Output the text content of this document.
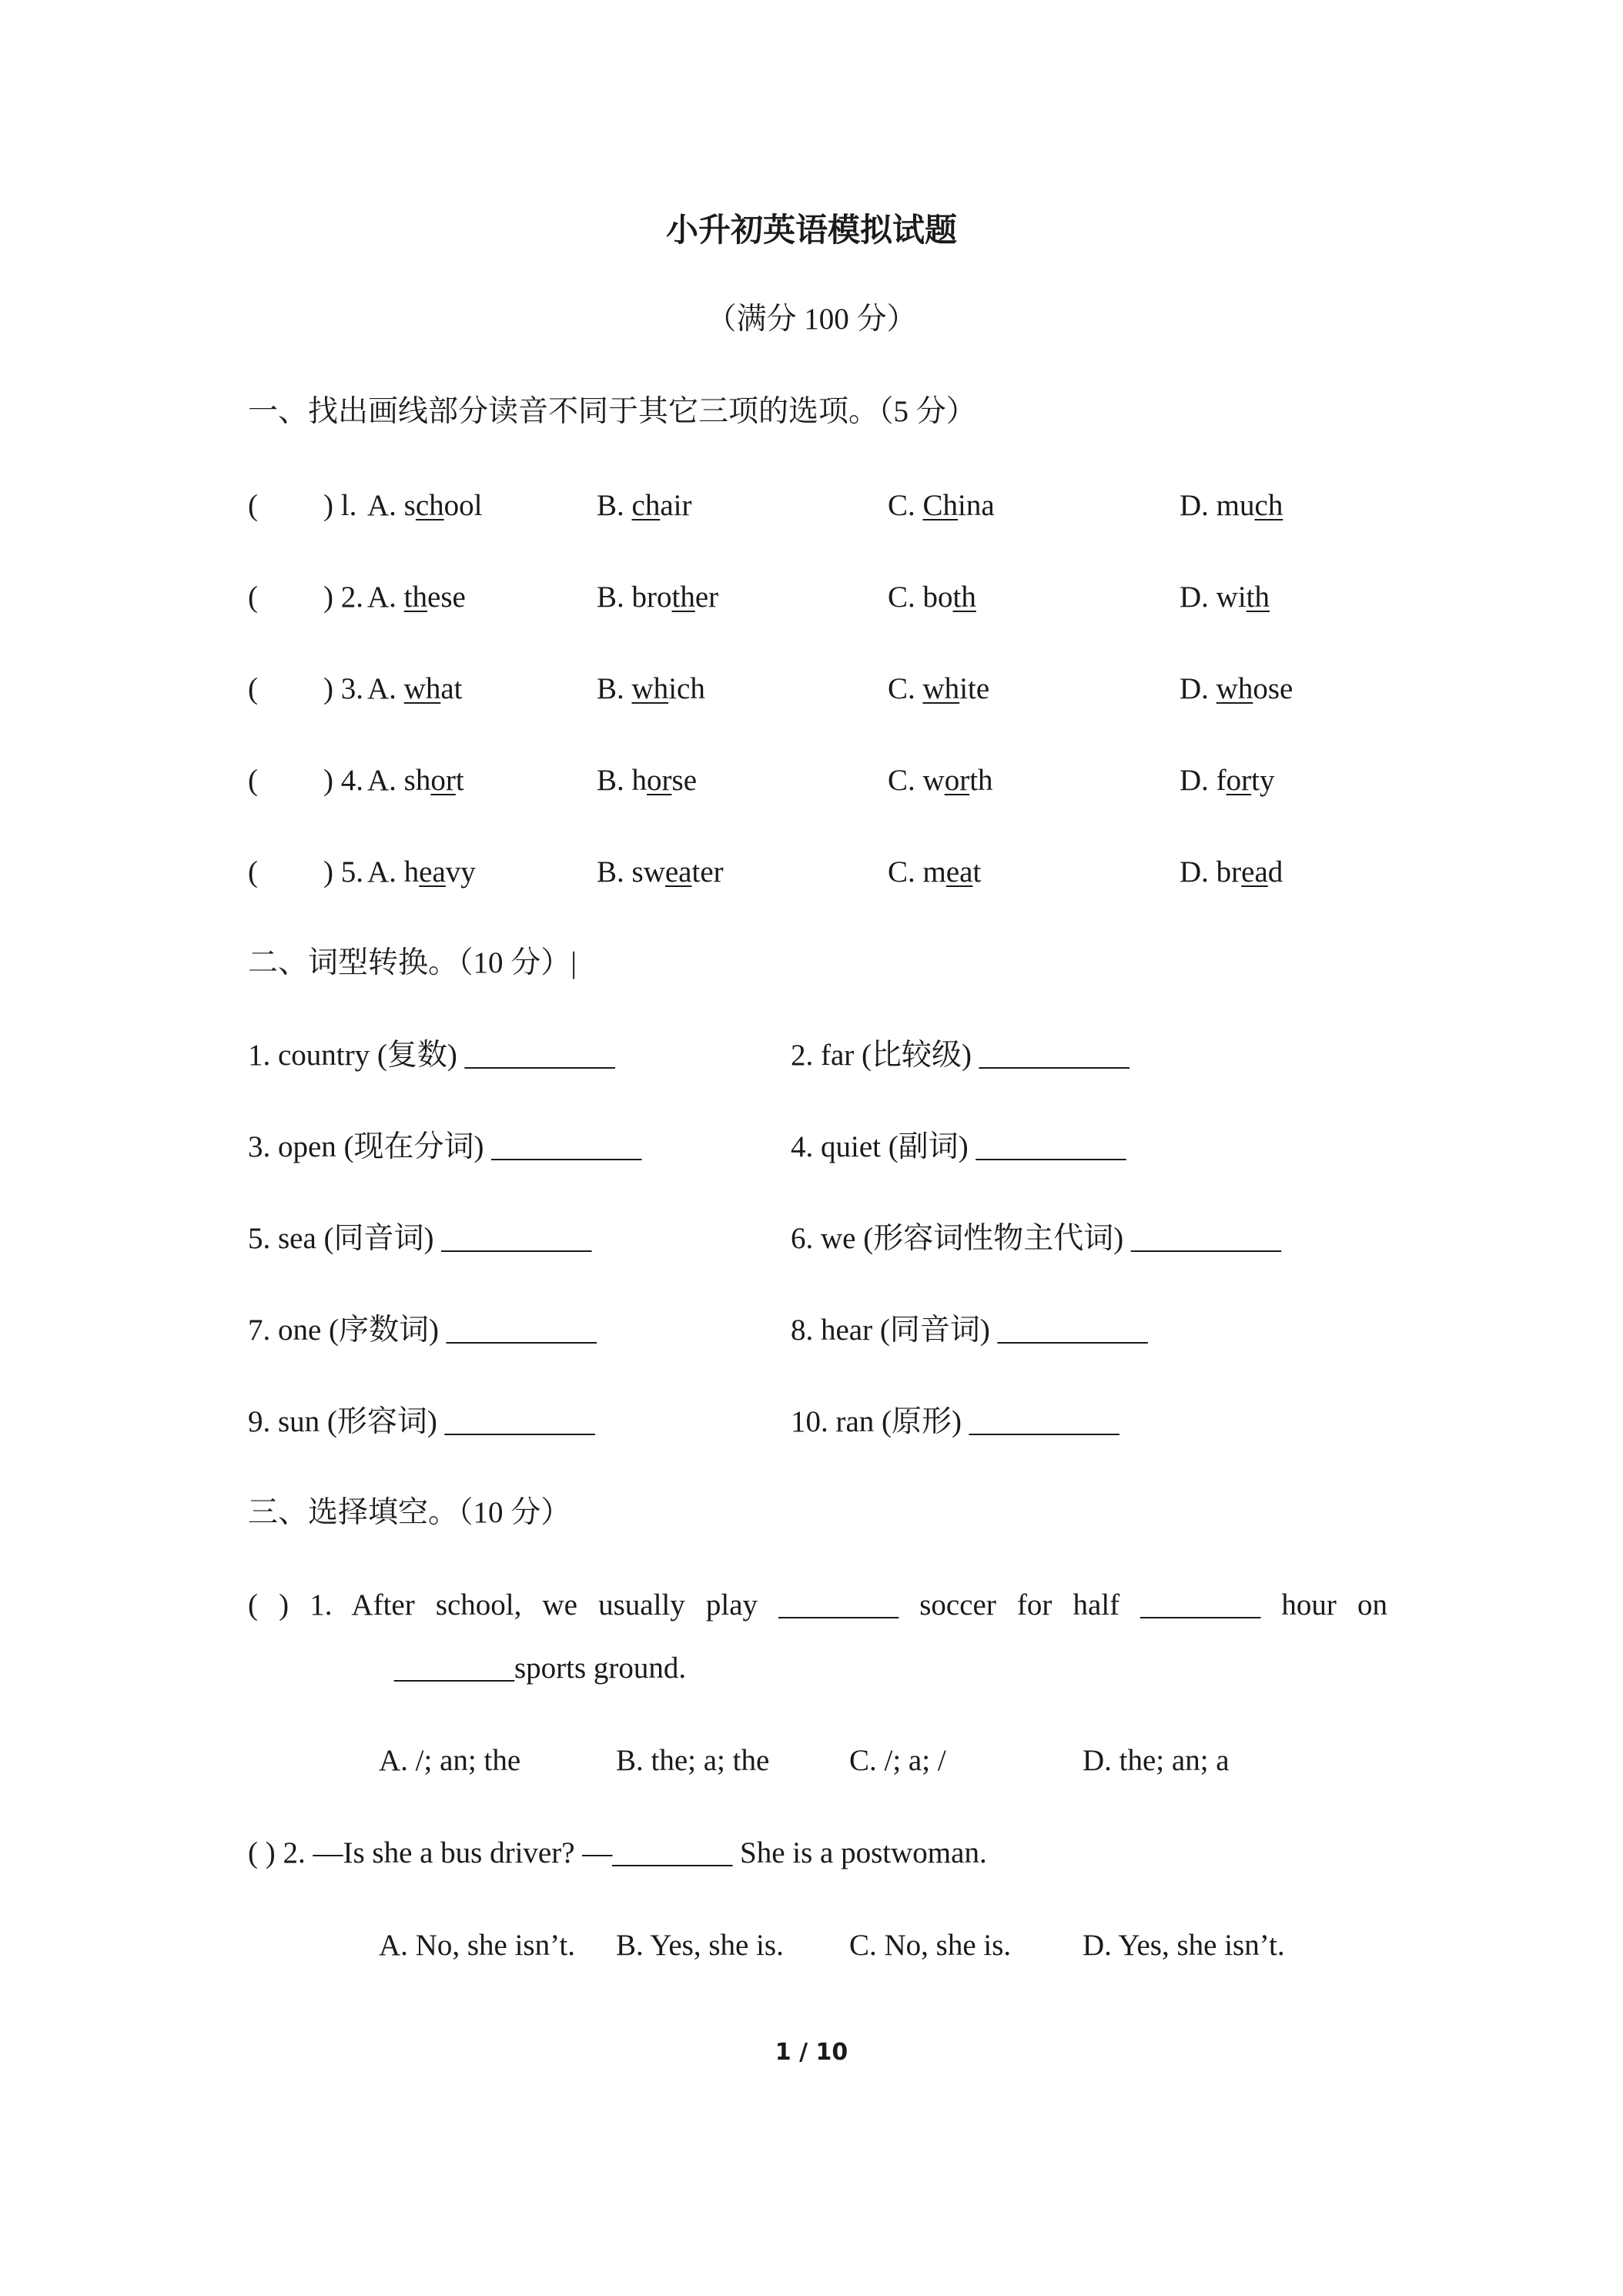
小升初英语模拟试题
（满分 100 分）
一、找出画线部分读音不同于其它三项的选项。（5 分）
( ) l. A. school	B. chair	C. China	D. much
( ) 2. A. these	B. brother	C. both	D. with
( ) 3. A. what	B. which	C. white	D. whose
( ) 4. A. short	B. horse	C. worth	D. forty
( ) 5. A. heavy	B. sweater	C. meat	D. bread
二、词型转换。（10 分）|
1. country (复数) __________	2. far (比较级) __________
3. open (现在分词) __________	4. quiet (副词) __________
5. sea (同音词) __________	6. we (形容词性物主代词) __________
7. one (序数词) __________	8. hear (同音词) __________
9. sun (形容词) __________	10. ran (原形) __________
三、选择填空。（10 分）
( ) 1. After school, we usually play ________ soccer for half ________ hour on
________sports ground.
A. /; an; the	B. the; a; the	C. /; a; /	D. the; an; a
( ) 2. —Is she a bus driver? —________ She is a postwoman.
A. No, she isn’t. B. Yes, she is. C. No, she is. D. Yes, she isn’t.
1 / 10
